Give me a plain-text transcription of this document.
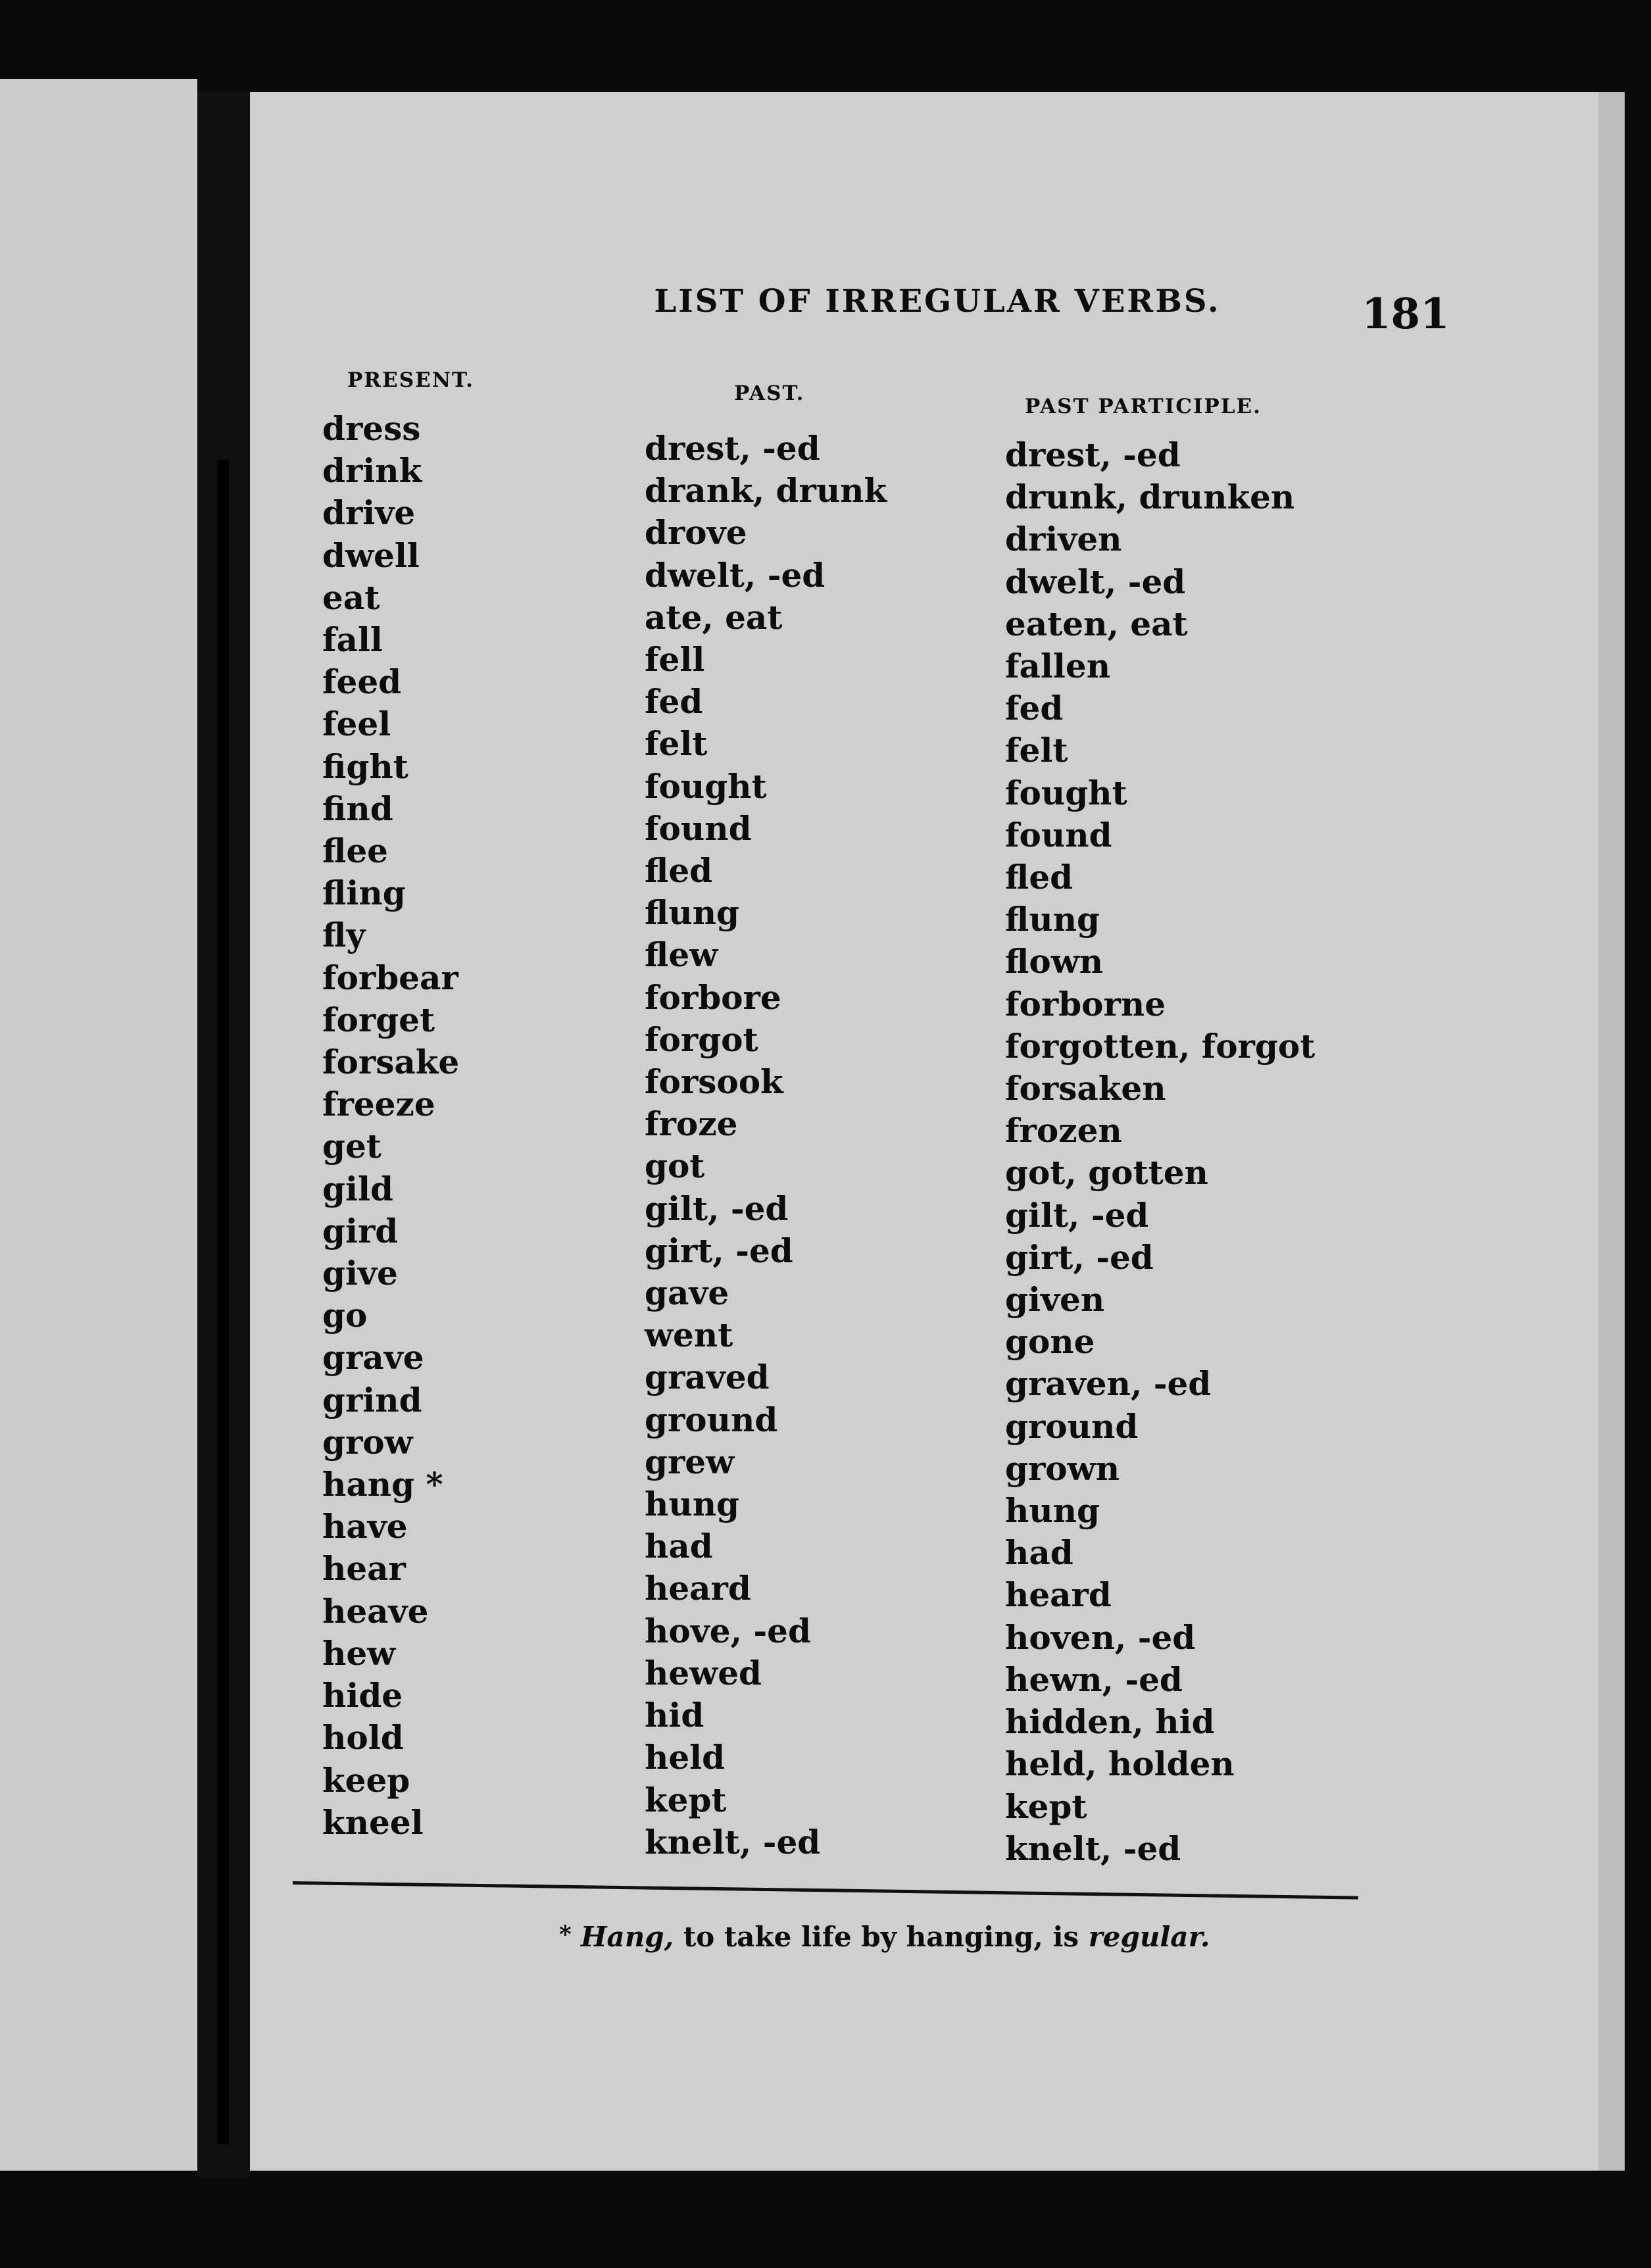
LIST OF IRREGULAR VERBS.	181
PRESENT.
PAST.
PAST PARTICIPLE.
dress
drink
drive
dwell
eat
fall
feed
feel
fight
find
flee
fling
fly
forbear
forget
forsake
freeze
get
gild
gird
give
go
grave
grind
grow
hang *
have
hear
heave
hew
hide
hold
keep
kneel
drest, -ed
drank, drunk
drove
dwelt, -ed
ate, eat
fell
fed
felt
fought
found
fled
flung
flew
forbore
forgot
forsook
froze
got
gilt, -ed
girt, -ed
gave
went
graved
ground
grew
hung
had
heard
hove, -ed
hewed
hid
held
kept
knelt, -ed
drest, -ed
drunk, drunken
driven
dwelt, -ed
eaten, eat
fallen
fed
felt
fought
found
fled
flung
flown
forborne
forgotten, forgot
forsaken
frozen
got, gotten
gilt, -ed
girt, -ed
given
gone
graven, -ed
ground
grown
hung
had
heard
hoven, -ed
hewn, -ed
hidden, hid
held, holden
kept
knelt, -ed
* Hang, to take life by hanging, is regular.
